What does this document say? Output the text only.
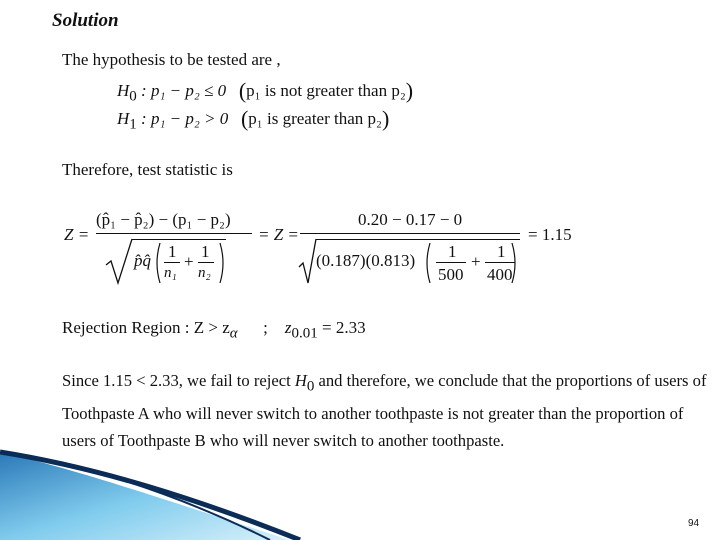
Solution
The hypothesis to be tested are ,
$H_0$ : p₁ − p₂ ≤ 0 (p₁ is not greater than p₂)
$H_1$ : p₁ − p₂ > 0 (p₁ is greater than p₂)
Therefore, test statistic is
Z =
(p̂₁ − p̂₂) − (p₁ − p₂)
p̂q̂ 1
n₁
+
1
n₂
= Z =
0.20 − 0.17 − 0
(0.187)(0.813) 1
500
+
1
400
= 1.15
Rejection Region : $Z > z_\alpha$ ; $z_{0.01} = 2.33$
Since 1.15 < 2.33, we fail to reject $H_0$ and therefore, we conclude that the proportions of users of Toothpaste A who will never switch to another toothpaste is not greater than the proportion of users of Toothpaste B who will never switch to another toothpaste.
94
